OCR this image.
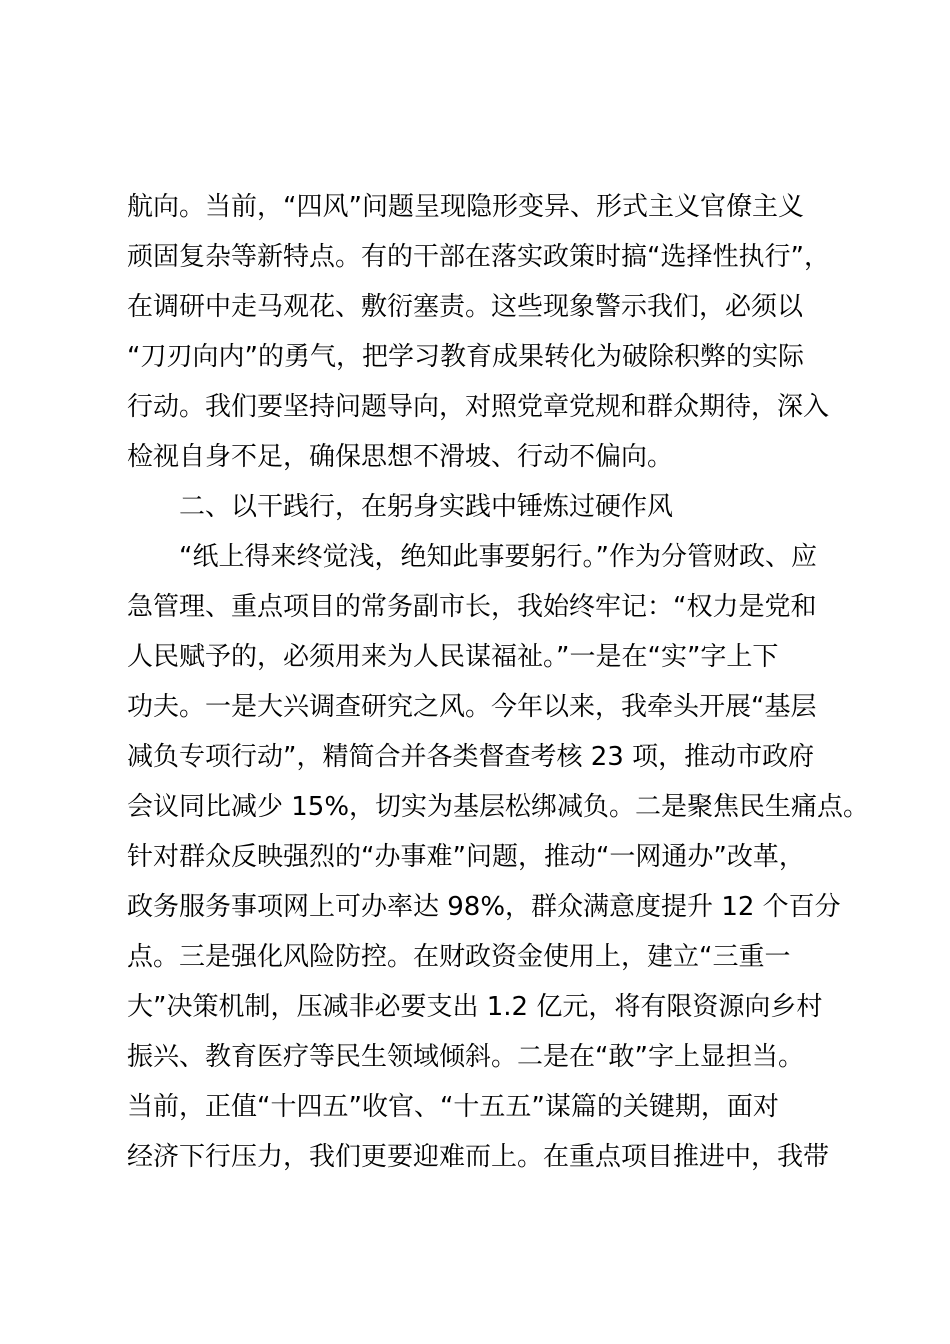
航向。当前，“四风”问题呈现隐形变异、形式主义官僚主义
顽固复杂等新特点。有的干部在落实政策时搞“选择性执行”，
在调研中走马观花、敷衍塞责。这些现象警示我们，必须以
“刀刃向内”的勇气，把学习教育成果转化为破除积弊的实际
行动。我们要坚持问题导向，对照党章党规和群众期待，深入
检视自身不足，确保思想不滑坡、行动不偏向。
二、以干践行，在躬身实践中锤炼过硬作风
“纸上得来终觉浅，绝知此事要躬行。”作为分管财政、应
急管理、重点项目的常务副市长，我始终牢记：“权力是党和
人民赋予的，必须用来为人民谋福祉。”一是在“实”字上下
功夫。一是大兴调查研究之风。今年以来，我牵头开展“基层
减负专项行动”，精简合并各类督查考核 23 项，推动市政府
会议同比减少 15%，切实为基层松绑减负。二是聚焦民生痛点。
针对群众反映强烈的“办事难”问题，推动“一网通办”改革，
政务服务事项网上可办率达 98%，群众满意度提升 12 个百分
点。三是强化风险防控。在财政资金使用上，建立“三重一
大”决策机制，压减非必要支出 1.2 亿元，将有限资源向乡村
振兴、教育医疗等民生领域倾斜。二是在“敢”字上显担当。
当前，正值“十四五”收官、“十五五”谋篇的关键期，面对
经济下行压力，我们更要迎难而上。在重点项目推进中，我带
